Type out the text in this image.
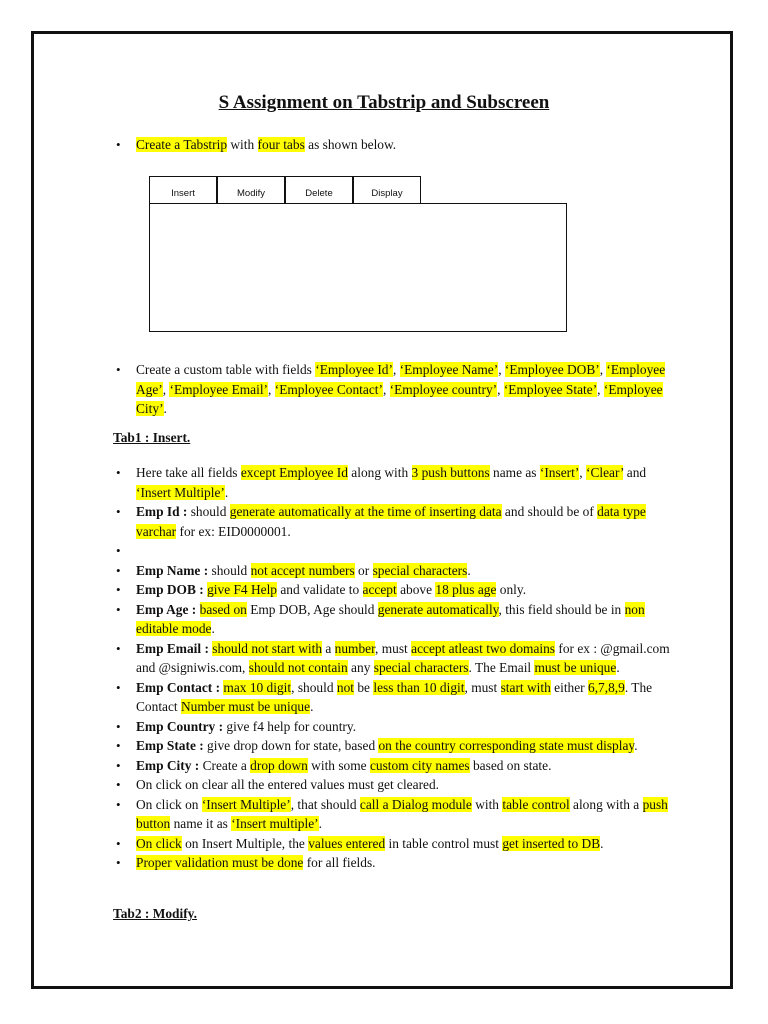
S Assignment on Tabstrip and Subscreen
• Create a Tabstrip with four tabs as shown below.
Insert	Modify	Delete	Display
• Create a custom table with fields ‘Employee Id’, ‘Employee Name’, ‘Employee DOB’, ‘Employee Age’, ‘Employee Email’, ‘Employee Contact’, ‘Employee country’, ‘Employee State’, ‘Employee City’.
Tab1 : Insert.
• Here take all fields except Employee Id along with 3 push buttons name as ‘Insert’, ‘Clear’ and ‘Insert Multiple’.
• Emp Id : should generate automatically at the time of inserting data and should be of data type varchar for ex: EID0000001.
•
• Emp Name : should not accept numbers or special characters.
• Emp DOB : give F4 Help and validate to accept above 18 plus age only.
• Emp Age : based on Emp DOB, Age should generate automatically, this field should be in non editable mode.
• Emp Email : should not start with a number, must accept atleast two domains for ex : @gmail.com and @signiwis.com, should not contain any special characters. The Email must be unique.
• Emp Contact : max 10 digit, should not be less than 10 digit, must start with either 6,7,8,9. The Contact Number must be unique.
• Emp Country : give f4 help for country.
• Emp State : give drop down for state, based on the country corresponding state must display.
• Emp City : Create a drop down with some custom city names based on state.
• On click on clear all the entered values must get cleared.
• On click on ‘Insert Multiple’, that should call a Dialog module with table control along with a push button name it as ‘Insert multiple’.
• On click on Insert Multiple, the values entered in table control must get inserted to DB.
• Proper validation must be done for all fields.
Tab2 : Modify.
